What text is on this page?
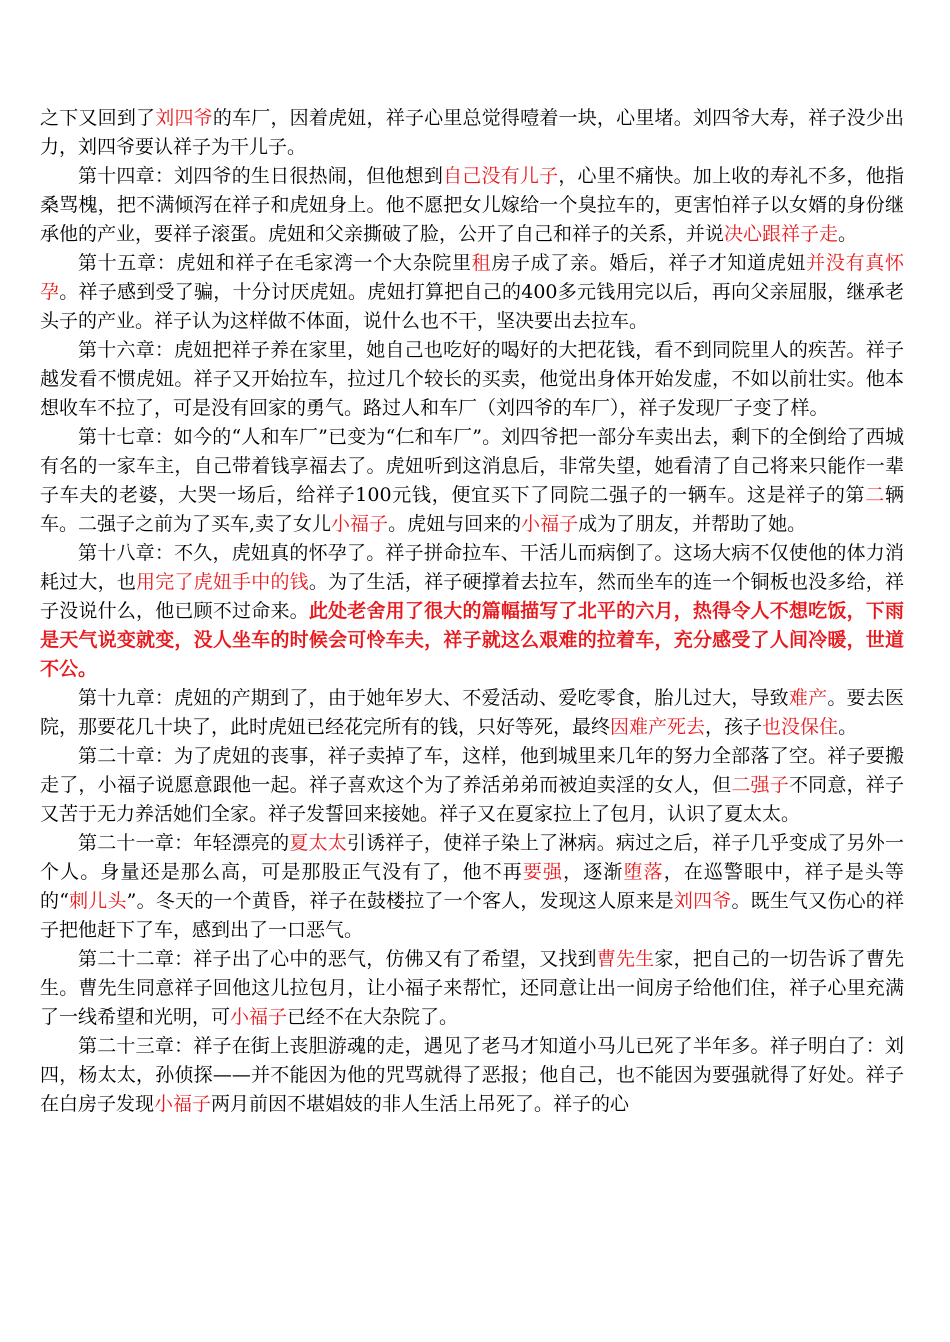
之下又回到了刘四爷的车厂，因着虎妞，祥子心里总觉得噎着一块，心里堵。刘四爷大寿，祥子没少出力，刘四爷要认祥子为干儿子。

第十四章：刘四爷的生日很热闹，但他想到自己没有儿子，心里不痛快。加上收的寿礼不多，他指桑骂槐，把不满倾泻在祥子和虎妞身上。他不愿把女儿嫁给一个臭拉车的，更害怕祥子以女婿的身份继承他的产业，要祥子滚蛋。虎妞和父亲撕破了脸，公开了自己和祥子的关系，并说决心跟祥子走。

第十五章：虎妞和祥子在毛家湾一个大杂院里租房子成了亲。婚后，祥子才知道虎妞并没有真怀孕。祥子感到受了骗，十分讨厌虎妞。虎妞打算把自己的400多元钱用完以后，再向父亲屈服，继承老头子的产业。祥子认为这样做不体面，说什么也不干，坚决要出去拉车。

第十六章：虎妞把祥子养在家里，她自己也吃好的喝好的大把花钱，看不到同院里人的疾苦。祥子越发看不惯虎妞。祥子又开始拉车，拉过几个较长的买卖，他觉出身体开始发虚，不如以前壮实。他本想收车不拉了，可是没有回家的勇气。路过人和车厂（刘四爷的车厂），祥子发现厂子变了样。

第十七章：如今的“人和车厂”已变为“仁和车厂”。刘四爷把一部分车卖出去，剩下的全倒给了西城有名的一家车主，自己带着钱享福去了。虎妞听到这消息后，非常失望，她看清了自己将来只能作一辈子车夫的老婆，大哭一场后，给祥子100元钱，便宜买下了同院二强子的一辆车。这是祥子的第二辆车。二强子之前为了买车,卖了女儿小福子。虎妞与回来的小福子成为了朋友，并帮助了她。

第十八章：不久，虎妞真的怀孕了。祥子拼命拉车、干活儿而病倒了。这场大病不仅使他的体力消耗过大，也用完了虎妞手中的钱。为了生活，祥子硬撑着去拉车，然而坐车的连一个铜板也没多给，祥子没说什么，他已顾不过命来。此处老舍用了很大的篇幅描写了北平的六月，热得令人不想吃饭，下雨是天气说变就变，没人坐车的时候会可怜车夫，祥子就这么艰难的拉着车，充分感受了人间冷暖，世道不公。

第十九章：虎妞的产期到了，由于她年岁大、不爱活动、爱吃零食，胎儿过大，导致难产。要去医院，那要花几十块了，此时虎妞已经花完所有的钱，只好等死，最终因难产死去，孩子也没保住。

第二十章：为了虎妞的丧事，祥子卖掉了车，这样，他到城里来几年的努力全部落了空。祥子要搬走了，小福子说愿意跟他一起。祥子喜欢这个为了养活弟弟而被迫卖淫的女人，但二强子不同意，祥子又苦于无力养活她们全家。祥子发誓回来接她。祥子又在夏家拉上了包月，认识了夏太太。

第二十一章：年轻漂亮的夏太太引诱祥子，使祥子染上了淋病。病过之后，祥子几乎变成了另外一个人。身量还是那么高，可是那股正气没有了，他不再要强，逐渐堕落，在巡警眼中，祥子是头等的“刺儿头”。冬天的一个黄昏，祥子在鼓楼拉了一个客人，发现这人原来是刘四爷。既生气又伤心的祥子把他赶下了车，感到出了一口恶气。

第二十二章：祥子出了心中的恶气，仿佛又有了希望，又找到曹先生家，把自己的一切告诉了曹先生。曹先生同意祥子回他这儿拉包月，让小福子来帮忙，还同意让出一间房子给他们住，祥子心里充满了一线希望和光明，可小福子已经不在大杂院了。

第二十三章：祥子在街上丧胆游魂的走，遇见了老马才知道小马儿已死了半年多。祥子明白了：刘四，杨太太，孙侦探——并不能因为他的咒骂就得了恶报；他自己，也不能因为要强就得了好处。祥子在白房子发现小福子两月前因不堪娼妓的非人生活上吊死了。祥子的心
